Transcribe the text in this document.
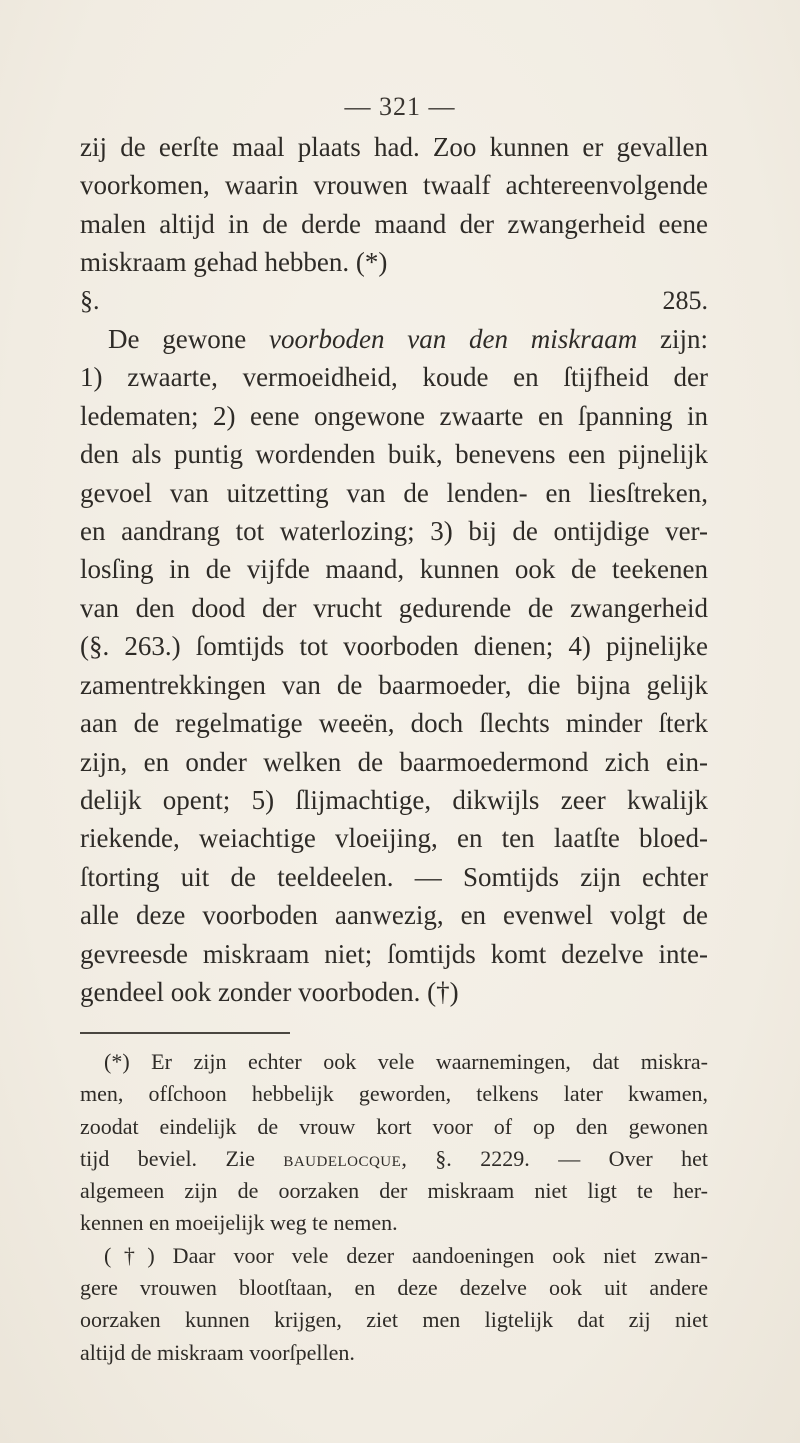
— 321 —

zij de eerſte maal plaats had. Zoo kunnen er gevallen

voorkomen, waarin vrouwen twaalf achtereenvolgende

malen altijd in de derde maand der zwangerheid eene

miskraam gehad hebben. (*)

§. 285.

De gewone voorboden van den miskraam zijn:

1) zwaarte, vermoeidheid, koude en ſtijfheid der

ledematen; 2) eene ongewone zwaarte en ſpanning in

den als puntig wordenden buik, benevens een pijnelijk

gevoel van uitzetting van de lenden- en liesſtreken,

en aandrang tot waterlozing; 3) bij de ontijdige ver-

losſing in de vijfde maand, kunnen ook de teekenen

van den dood der vrucht gedurende de zwangerheid

(§. 263.) ſomtijds tot voorboden dienen; 4) pijnelijke

zamentrekkingen van de baarmoeder, die bijna gelijk

aan de regelmatige weeën, doch ſlechts minder ſterk

zijn, en onder welken de baarmoedermond zich ein-

delijk opent; 5) ſlijmachtige, dikwijls zeer kwalijk

riekende, weiachtige vloeijing, en ten laatſte bloed-

ſtorting uit de teeldeelen. — Somtijds zijn echter

alle deze voorboden aanwezig, en evenwel volgt de

gevreesde miskraam niet; ſomtijds komt dezelve inte-

gendeel ook zonder voorboden. (†)

(*) Er zijn echter ook vele waarnemingen, dat miskra-

men, ofſchoon hebbelijk geworden, telkens later kwamen,

zoodat eindelijk de vrouw kort voor of op den gewonen

tijd beviel. Zie baudelocque, §. 2229. — Over het

algemeen zijn de oorzaken der miskraam niet ligt te her-

kennen en moeijelijk weg te nemen.

(†) Daar voor vele dezer aandoeningen ook niet zwan-

gere vrouwen blootſtaan, en deze dezelve ook uit andere

oorzaken kunnen krijgen, ziet men ligtelijk dat zij niet

altijd de miskraam voorſpellen.
